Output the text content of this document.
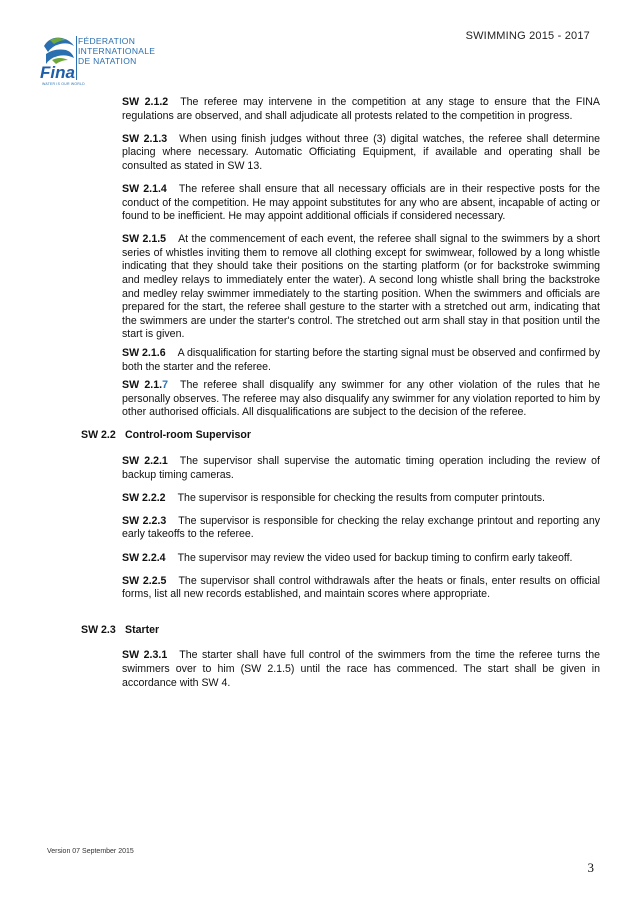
SWIMMING 2015 - 2017
Fina
FÉDERATION
INTERNATIONALE
DE NATATION
WATER IS OUR WORLD
SW 2.1.2 The referee may intervene in the competition at any stage to ensure that the FINA regulations are observed, and shall adjudicate all protests related to the competition in progress.
SW 2.1.3 When using finish judges without three (3) digital watches, the referee shall determine placing where necessary. Automatic Officiating Equipment, if available and operating shall be consulted as stated in SW 13.
SW 2.1.4 The referee shall ensure that all necessary officials are in their respective posts for the conduct of the competition. He may appoint substitutes for any who are absent, incapable of acting or found to be inefficient. He may appoint additional officials if considered necessary.
SW 2.1.5 At the commencement of each event, the referee shall signal to the swimmers by a short series of whistles inviting them to remove all clothing except for swimwear, followed by a long whistle indicating that they should take their positions on the starting platform (or for backstroke swimming and medley relays to immediately enter the water). A second long whistle shall bring the backstroke and medley relay swimmer immediately to the starting position. When the swimmers and officials are prepared for the start, the referee shall gesture to the starter with a stretched out arm, indicating that the swimmers are under the starter's control. The stretched out arm shall stay in that position until the start is given.
SW 2.1.6 A disqualification for starting before the starting signal must be observed and confirmed by both the starter and the referee.
SW 2.1.7 The referee shall disqualify any swimmer for any other violation of the rules that he personally observes. The referee may also disqualify any swimmer for any violation reported to him by other authorised officials. All disqualifications are subject to the decision of the referee.
SW 2.2 Control-room Supervisor
SW 2.2.1 The supervisor shall supervise the automatic timing operation including the review of backup timing cameras.
SW 2.2.2 The supervisor is responsible for checking the results from computer printouts.
SW 2.2.3 The supervisor is responsible for checking the relay exchange printout and reporting any early takeoffs to the referee.
SW 2.2.4 The supervisor may review the video used for backup timing to confirm early takeoff.
SW 2.2.5 The supervisor shall control withdrawals after the heats or finals, enter results on official forms, list all new records established, and maintain scores where appropriate.
SW 2.3 Starter
SW 2.3.1 The starter shall have full control of the swimmers from the time the referee turns the swimmers over to him (SW 2.1.5) until the race has commenced. The start shall be given in accordance with SW 4.
Version 07 September 2015
3
